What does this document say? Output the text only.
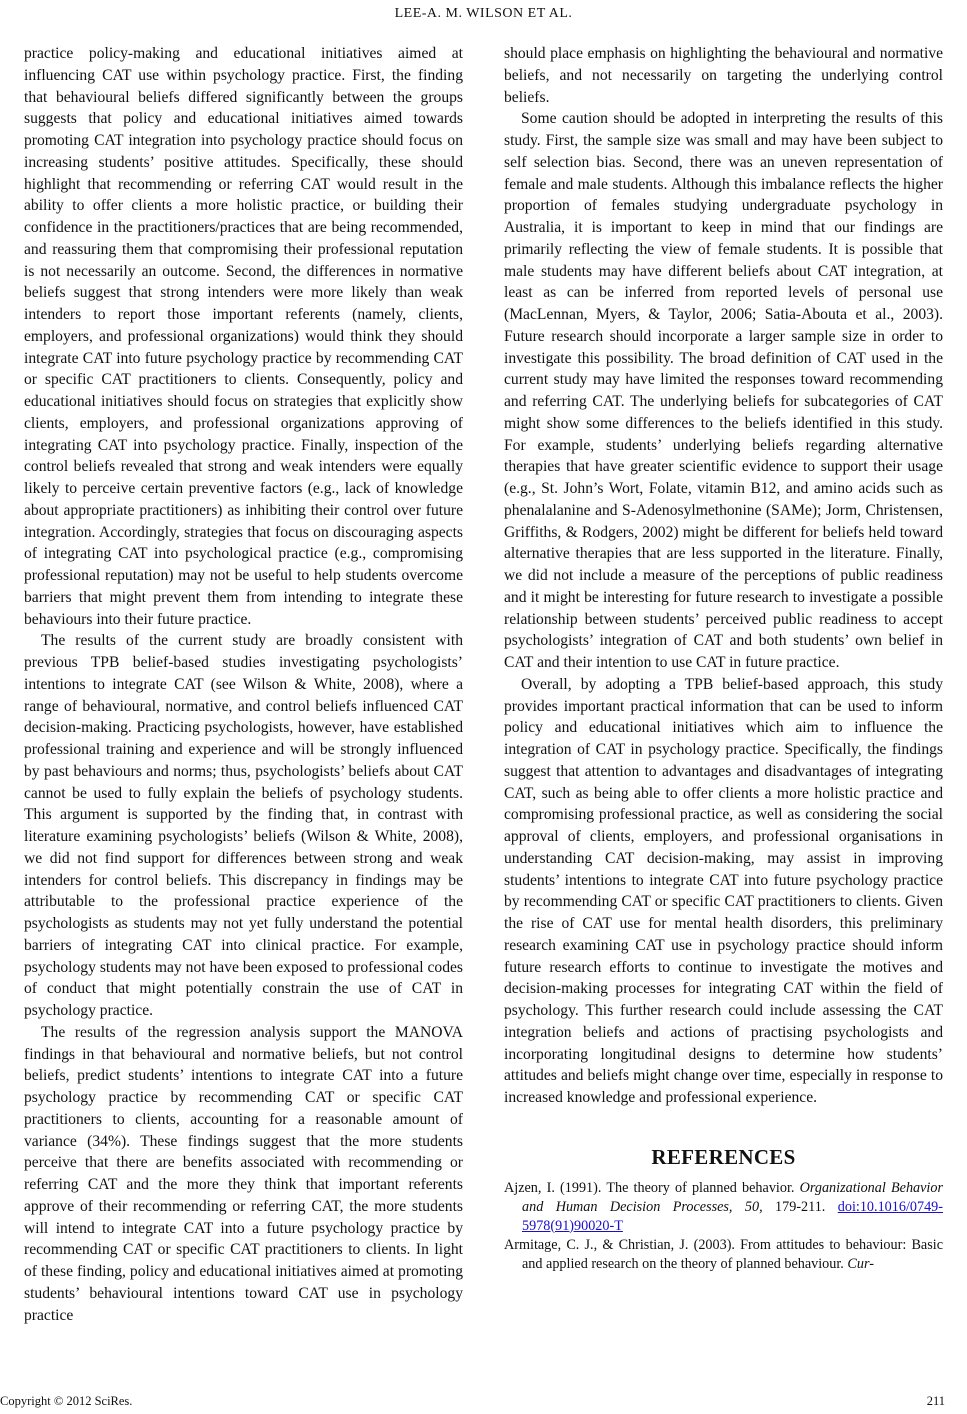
LEE-A. M. WILSON ET AL.

practice policy-making and educational initiatives aimed at influencing CAT use within psychology practice. First, the finding that behavioural beliefs differed significantly between the groups suggests that policy and educational initiatives aimed towards promoting CAT integration into psychology practice should focus on increasing students’ positive attitudes. Specifically, these should highlight that recommending or referring CAT would result in the ability to offer clients a more holistic practice, or building their confidence in the practitioners/practices that are being recommended, and reassuring them that compromising their professional reputation is not necessarily an outcome. Second, the differences in normative beliefs suggest that strong intenders were more likely than weak intenders to report those important referents (namely, clients, employers, and professional organizations) would think they should integrate CAT into future psychology practice by recommending CAT or specific CAT practitioners to clients. Consequently, policy and educational initiatives should focus on strategies that explicitly show clients, employers, and professional organizations approving of integrating CAT into psychology practice. Finally, inspection of the control beliefs revealed that strong and weak intenders were equally likely to perceive certain preventive factors (e.g., lack of knowledge about appropriate practitioners) as inhibiting their control over future integration. Accordingly, strategies that focus on discouraging aspects of integrating CAT into psychological practice (e.g., compromising professional reputation) may not be useful to help students overcome barriers that might prevent them from intending to integrate these behaviours into their future practice.

The results of the current study are broadly consistent with previous TPB belief-based studies investigating psychologists’ intentions to integrate CAT (see Wilson & White, 2008), where a range of behavioural, normative, and control beliefs influenced CAT decision-making. Practicing psychologists, however, have established professional training and experience and will be strongly influenced by past behaviours and norms; thus, psychologists’ beliefs about CAT cannot be used to fully explain the beliefs of psychology students. This argument is supported by the finding that, in contrast with literature examining psychologists’ beliefs (Wilson & White, 2008), we did not find support for differences between strong and weak intenders for control beliefs. This discrepancy in findings may be attributable to the professional practice experience of the psychologists as students may not yet fully understand the potential barriers of integrating CAT into clinical practice. For example, psychology students may not have been exposed to professional codes of conduct that might potentially constrain the use of CAT in psychology practice.

The results of the regression analysis support the MANOVA findings in that behavioural and normative beliefs, but not control beliefs, predict students’ intentions to integrate CAT into a future psychology practice by recommending CAT or specific CAT practitioners to clients, accounting for a reasonable amount of variance (34%). These findings suggest that the more students perceive that there are benefits associated with recommending or referring CAT and the more they think that important referents approve of their recommending or referring CAT, the more students will intend to integrate CAT into a future psychology practice by recommending CAT or specific CAT practitioners to clients. In light of these finding, policy and educational initiatives aimed at promoting students’ behavioural intentions toward CAT use in psychology practice

should place emphasis on highlighting the behavioural and normative beliefs, and not necessarily on targeting the underlying control beliefs.

Some caution should be adopted in interpreting the results of this study. First, the sample size was small and may have been subject to self selection bias. Second, there was an uneven representation of female and male students. Although this imbalance reflects the higher proportion of females studying undergraduate psychology in Australia, it is important to keep in mind that our findings are primarily reflecting the view of female students. It is possible that male students may have different beliefs about CAT integration, at least as can be inferred from reported levels of personal use (MacLennan, Myers, & Taylor, 2006; Satia-Abouta et al., 2003). Future research should incorporate a larger sample size in order to investigate this possibility. The broad definition of CAT used in the current study may have limited the responses toward recommending and referring CAT. The underlying beliefs for subcategories of CAT might show some differences to the beliefs identified in this study. For example, students’ underlying beliefs regarding alternative therapies that have greater scientific evidence to support their usage (e.g., St. John’s Wort, Folate, vitamin B12, and amino acids such as phenalalanine and S-Adenosylmethonine (SAMe); Jorm, Christensen, Griffiths, & Rodgers, 2002) might be different for beliefs held toward alternative therapies that are less supported in the literature. Finally, we did not include a measure of the perceptions of public readiness and it might be interesting for future research to investigate a possible relationship between students’ perceived public readiness to accept psychologists’ integration of CAT and both students’ own belief in CAT and their intention to use CAT in future practice.

Overall, by adopting a TPB belief-based approach, this study provides important practical information that can be used to inform policy and educational initiatives which aim to influence the integration of CAT in psychology practice. Specifically, the findings suggest that attention to advantages and disadvantages of integrating CAT, such as being able to offer clients a more holistic practice and compromising professional practice, as well as considering the social approval of clients, employers, and professional organisations in understanding CAT decision-making, may assist in improving students’ intentions to integrate CAT into future psychology practice by recommending CAT or specific CAT practitioners to clients. Given the rise of CAT use for mental health disorders, this preliminary research examining CAT use in psychology practice should inform future research efforts to continue to investigate the motives and decision-making processes for integrating CAT within the field of psychology. This further research could include assessing the CAT integration beliefs and actions of practising psychologists and incorporating longitudinal designs to determine how students’ attitudes and beliefs might change over time, especially in response to increased knowledge and professional experience.

REFERENCES

Ajzen, I. (1991). The theory of planned behavior. Organizational Behavior and Human Decision Processes, 50, 179-211. doi:10.1016/0749-5978(91)90020-T

Armitage, C. J., & Christian, J. (2003). From attitudes to behaviour: Basic and applied research on the theory of planned behaviour. Cur-

Copyright © 2012 SciRes.	211
